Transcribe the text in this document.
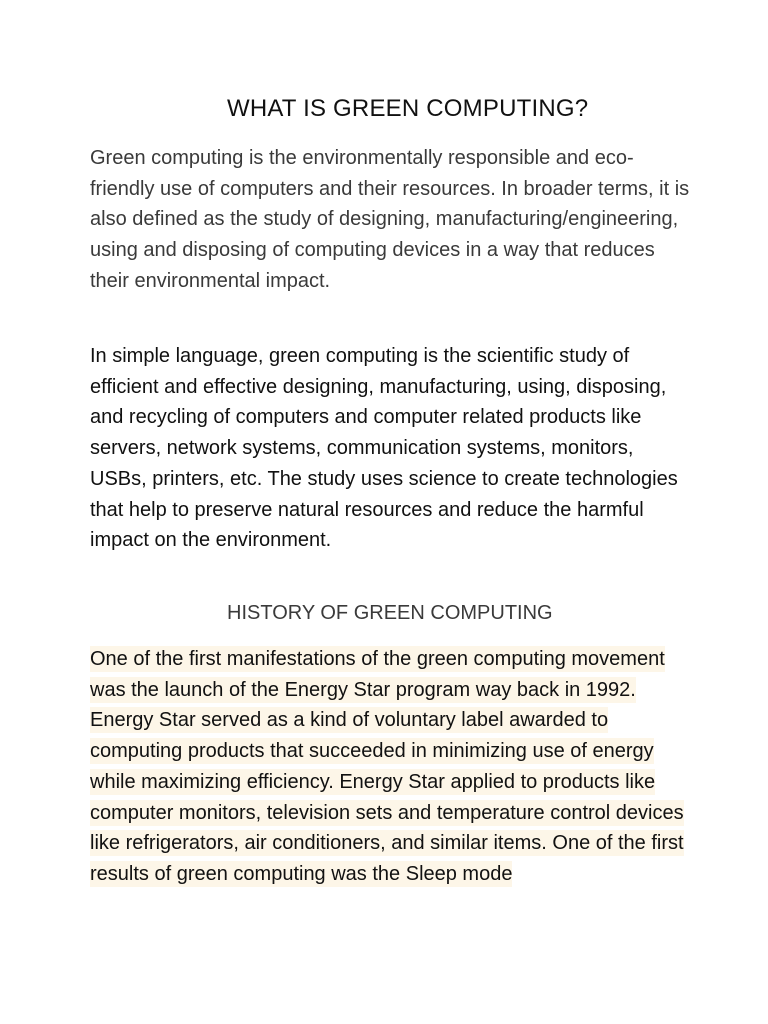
WHAT IS GREEN COMPUTING?

Green computing is the environmentally responsible and eco-friendly use of computers and their resources. In broader terms, it is also defined as the study of designing, manufacturing/engineering, using and disposing of computing devices in a way that reduces their environmental impact.

In simple language, green computing is the scientific study of efficient and effective designing, manufacturing, using, disposing, and recycling of computers and computer related products like servers, network systems, communication systems, monitors, USBs, printers, etc. The study uses science to create technologies that help to preserve natural resources and reduce the harmful impact on the environment.

HISTORY OF GREEN COMPUTING

One of the first manifestations of the green computing movement was the launch of the Energy Star program way back in 1992. Energy Star served as a kind of voluntary label awarded to computing products that succeeded in minimizing use of energy while maximizing efficiency. Energy Star applied to products like computer monitors, television sets and temperature control devices like refrigerators, air conditioners, and similar items. One of the first results of green computing was the Sleep mode
